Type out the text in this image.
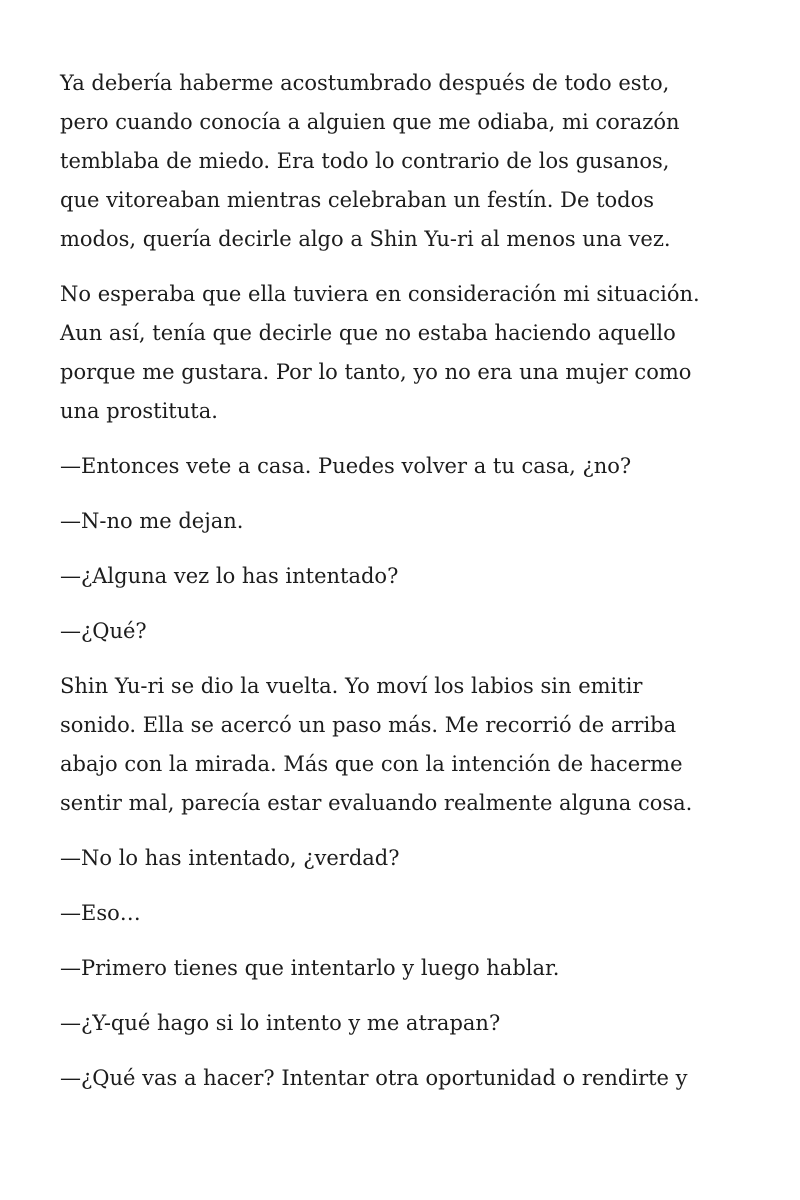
Ya debería haberme acostumbrado después de todo esto,
pero cuando conocía a alguien que me odiaba, mi corazón
temblaba de miedo. Era todo lo contrario de los gusanos,
que vitoreaban mientras celebraban un festín. De todos
modos, quería decirle algo a Shin Yu-ri al menos una vez.

No esperaba que ella tuviera en consideración mi situación.
Aun así, tenía que decirle que no estaba haciendo aquello
porque me gustara. Por lo tanto, yo no era una mujer como
una prostituta.

—Entonces vete a casa. Puedes volver a tu casa, ¿no?

—N-no me dejan.

—¿Alguna vez lo has intentado?

—¿Qué?

Shin Yu-ri se dio la vuelta. Yo moví los labios sin emitir
sonido. Ella se acercó un paso más. Me recorrió de arriba
abajo con la mirada. Más que con la intención de hacerme
sentir mal, parecía estar evaluando realmente alguna cosa.

—No lo has intentado, ¿verdad?

—Eso…

—Primero tienes que intentarlo y luego hablar.

—¿Y-qué hago si lo intento y me atrapan?

—¿Qué vas a hacer? Intentar otra oportunidad o rendirte y
